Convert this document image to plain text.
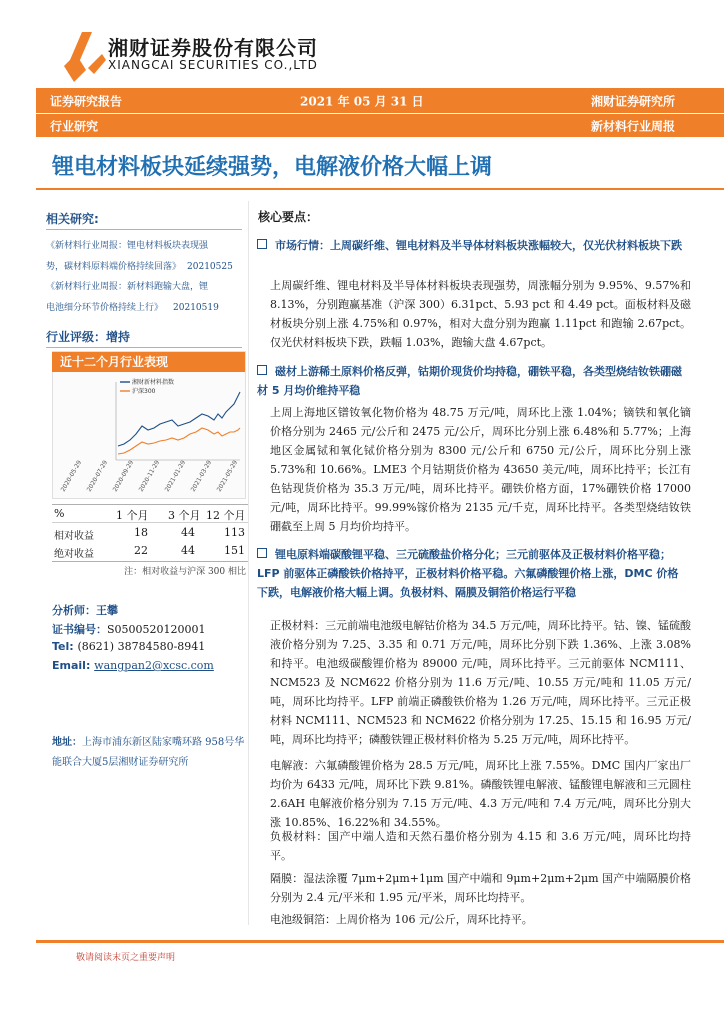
湘财证券股份有限公司
XIANGCAI SECURITIES CO.,LTD
证券研究报告	2021 年 05 月 31 日	湘财证券研究所
行业研究	新材料行业周报
锂电材料板块延续强势，电解液价格大幅上调
相关研究:
《新材料行业周报：锂电材料板块表现强
势，碳材料原料端价格持续回落》 20210525
《新材料行业周报：新材料跑输大盘，锂
电池细分环节价格持续上行》 20210519
行业评级：增持
近十二个月行业表现
湘财新材料指数
沪深300
2020-05-29 2020-07-29 2020-09-29 2020-11-29 2021-01-29 2021-03-29 2021-05-29
%	1 个月 3 个月 12 个月
相对收益	18	44	113
绝对收益	22	44	151
注：相对收益与沪深 300 相比
分析师：王攀
证书编号：S0500520120001
Tel: (8621) 38784580-8941
Email: wangpan2@xcsc.com
地址：上海市浦东新区陆家嘴环路 958号华能联合大厦5层湘财证券研究所
核心要点：
市场行情：上周碳纤维、锂电材料及半导体材料板块涨幅较大，仅光伏材料板块下跌
上周碳纤维、锂电材料及半导体材料板块表现强势，周涨幅分别为 9.95%、9.57%和 8.13%，分别跑赢基准（沪深 300）6.31pct、5.93 pct 和 4.49 pct。面板材料及磁材板块分别上涨 4.75%和 0.97%，相对大盘分别为跑赢 1.11pct 和跑输 2.67pct。仅光伏材料板块下跌，跌幅 1.03%，跑输大盘 4.67pct。
磁材上游稀土原料价格反弹，钴期价现货价均持稳，硼铁平稳，各类型烧结钕铁硼磁材 5 月均价维持平稳
上周上海地区镨钕氧化物价格为 48.75 万元/吨，周环比上涨 1.04%；镝铁和氧化镝价格分别为 2465 元/公斤和 2475 元/公斤，周环比分别上涨 6.48%和 5.77%；上海地区金属铽和氧化铽价格分别为 8300 元/公斤和 6750 元/公斤，周环比分别上涨 5.73%和 10.66%。LME3 个月钴期货价格为 43650 美元/吨，周环比持平；长江有色钴现货价格为 35.3 万元/吨，周环比持平。硼铁价格方面，17%硼铁价格 17000 元/吨，周环比持平。99.99%镓价格为 2135 元/千克，周环比持平。各类型烧结钕铁硼截至上周 5 月均价均持平。
锂电原料端碳酸锂平稳、三元硫酸盐价格分化；三元前驱体及正极材料价格平稳；LFP 前驱体正磷酸铁价格持平，正极材料价格平稳。六氟磷酸锂价格上涨，DMC 价格下跌，电解液价格大幅上调。负极材料、隔膜及铜箔价格运行平稳
正极材料：三元前端电池级电解钴价格为 34.5 万元/吨，周环比持平。钴、镍、锰硫酸液价格分别为 7.25、3.35 和 0.71 万元/吨，周环比分别下跌 1.36%、上涨 3.08%和持平。电池级碳酸锂价格为 89000 元/吨，周环比持平。三元前驱体 NCM111、NCM523 及 NCM622 价格分别为 11.6 万元/吨、10.55 万元/吨和 11.05 万元/吨，周环比均持平。LFP 前端正磷酸铁价格为 1.26 万元/吨，周环比持平。三元正极材料 NCM111、NCM523 和 NCM622 价格分别为 17.25、15.15 和 16.95 万元/吨，周环比均持平；磷酸铁锂正极材料价格为 5.25 万元/吨，周环比持平。
电解液：六氟磷酸锂价格为 28.5 万元/吨，周环比上涨 7.55%。DMC 国内厂家出厂均价为 6433 元/吨，周环比下跌 9.81%。磷酸铁锂电解液、锰酸锂电解液和三元圆柱 2.6AH 电解液价格分别为 7.15 万元/吨、4.3 万元/吨和 7.4 万元/吨，周环比分别大涨 10.85%、16.22%和 34.55%。
负极材料：国产中端人造和天然石墨价格分别为 4.15 和 3.6 万元/吨，周环比均持平。
隔膜：湿法涂覆 7μm+2μm+1μm 国产中端和 9μm+2μm+2μm 国产中端隔膜价格分别为 2.4 元/平米和 1.95 元/平米，周环比均持平。
电池级铜箔：上周价格为 106 元/公斤，周环比持平。
敬请阅读末页之重要声明
